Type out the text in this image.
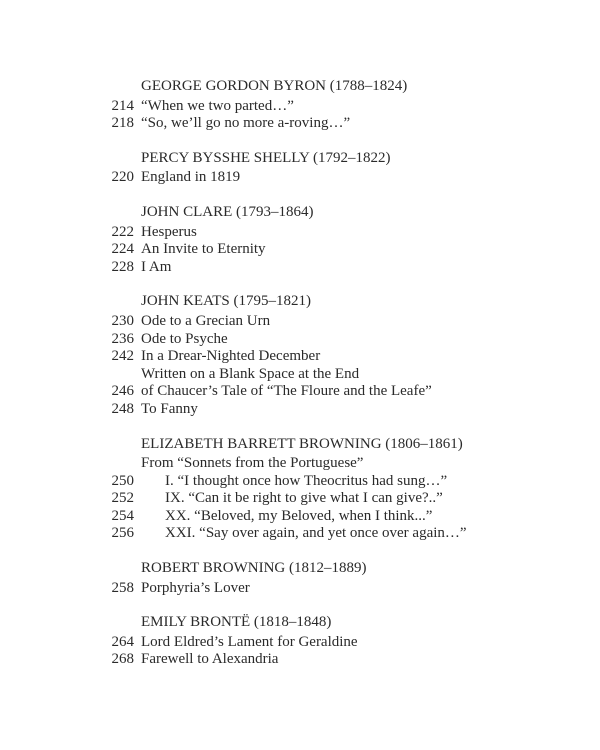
GEORGE GORDON BYRON (1788–1824)
214 “When we two parted…”
218 “So, we’ll go no more a-roving…”
PERCY BYSSHE SHELLY (1792–1822)
220 England in 1819
JOHN CLARE (1793–1864)
222 Hesperus
224 An Invite to Eternity
228 I Am
JOHN KEATS (1795–1821)
230 Ode to a Grecian Urn
236 Ode to Psyche
242 In a Drear-Nighted December
Written on a Blank Space at the End
246 of Chaucer’s Tale of “The Floure and the Leafe”
248 To Fanny
ELIZABETH BARRETT BROWNING (1806–1861)
From “Sonnets from the Portuguese”
250 I. “I thought once how Theocritus had sung…”
252 IX. “Can it be right to give what I can give?..”
254 XX. “Beloved, my Beloved, when I think...”
256 XXI. “Say over again, and yet once over again…”
ROBERT BROWNING (1812–1889)
258 Porphyria’s Lover
EMILY BRONTË (1818–1848)
264 Lord Eldred’s Lament for Geraldine
268 Farewell to Alexandria
